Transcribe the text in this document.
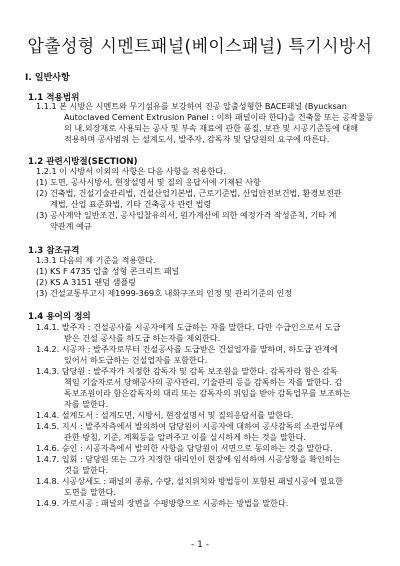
압출성형 시멘트패널(베이스패널) 특기시방서
I. 일반사항
1.1 적용범위
1.1.1 본 시방은 시멘트와 무기섬유를 보강하여 진공 압출성형한 BACE패널 (Byucksan
Autoclaved Cement Extrusion Panel : 이하 패널이라 한다)을 건축물 또는 공작물등
의 내.외장재로 사용되는 공사 및 부속 재료에 관한 품질, 보관 및 시공기준등에 대해
적용하며 공사범위 는 설계도서, 발주자, 감독자 및 담당원의 요구에 따른다.
1.2 관련시방절(SECTION)
1.2.1 이 시방서 이외의 사항은 다음 사항을 적용한다.
(1) 도면, 공사시방서, 현장설명서 및 질의 응답서에 기재된 사항
(2) 건축법, 건설기술관리법, 건설산업기본법, 근로기준법, 산업안전보건법, 환경보전관
계법, 산업 표준화법, 기타 건축공사 관련 법령
(3) 공사계약 일반조건, 공사입찰유의서, 원가계산에 의한 예정가격 작성준칙, 기타 계
약관계 예규
1.3 참조규격
1.3.1 다음의 제 기준을 적용한다.
(1) KS F 4735 압출 성형 콘크리트 패널
(2) KS A 3151 랜덤 샘플링
(3) 건설교통부고시 제1999-369호 내화구조의 인정 및 관리기준의 인정
1.4 용어의 정의
1.4.1. 발주자 : 건설공사를 시공자에게 도급하는 자를 말한다. 다만 수급인으로서 도급
받은 건설 공사를 하도급 하는자를 제외한다.
1.4.2. 시공자 : 발주자로부터 건설공사를 도급받은 건설업자를 말하며, 하도급 관계에
있어서 하도급하는 건설업자를 포함한다.
1.4.3. 담당원 : 발주자가 지정한 감독자 및 감독 보조원을 말한다. 감독자라 함은 감독
책임 기술자로서 당해공사의 공사관리, 기술관리 등을 감독하는 자를 말한다. 감
독보조원이라 함은감독자의 대리 또는 감독자의 위임을 받아 감독업무를 보조하는
자를 말한다.
1.4.4. 설계도서 : 설계도면, 시방서, 현장설명서 및 질의응답서를 말한다.
1.4.5. 지시 : 발주자측에서 발의하여 담당원이 시공자에 대하여 공사감독의 소관업무에
관한 방침, 기준, 계획등을 알려주고 이를 실시하게 하는 것을 말한다.
1.4.6. 승인 : 시공자측에서 발의한 사항을 담당원이 서면으로 동의하는 것을 말한다.
1.4.7. 입회 : 담당원 또는 그가 지정한 대리인이 현장에 임석하여 시공상황을 확인하는
것을 말한다.
1.4.8. 시공상세도 : 패널의 종류, 수량, 설치위치와 방법등이 포함된 패널시공에 필요한
도면을 말한다.
1.4.9. 가로시공 : 패널의 장변을 수평방향으로 시공하는 방법을 말한다.
- 1 -
